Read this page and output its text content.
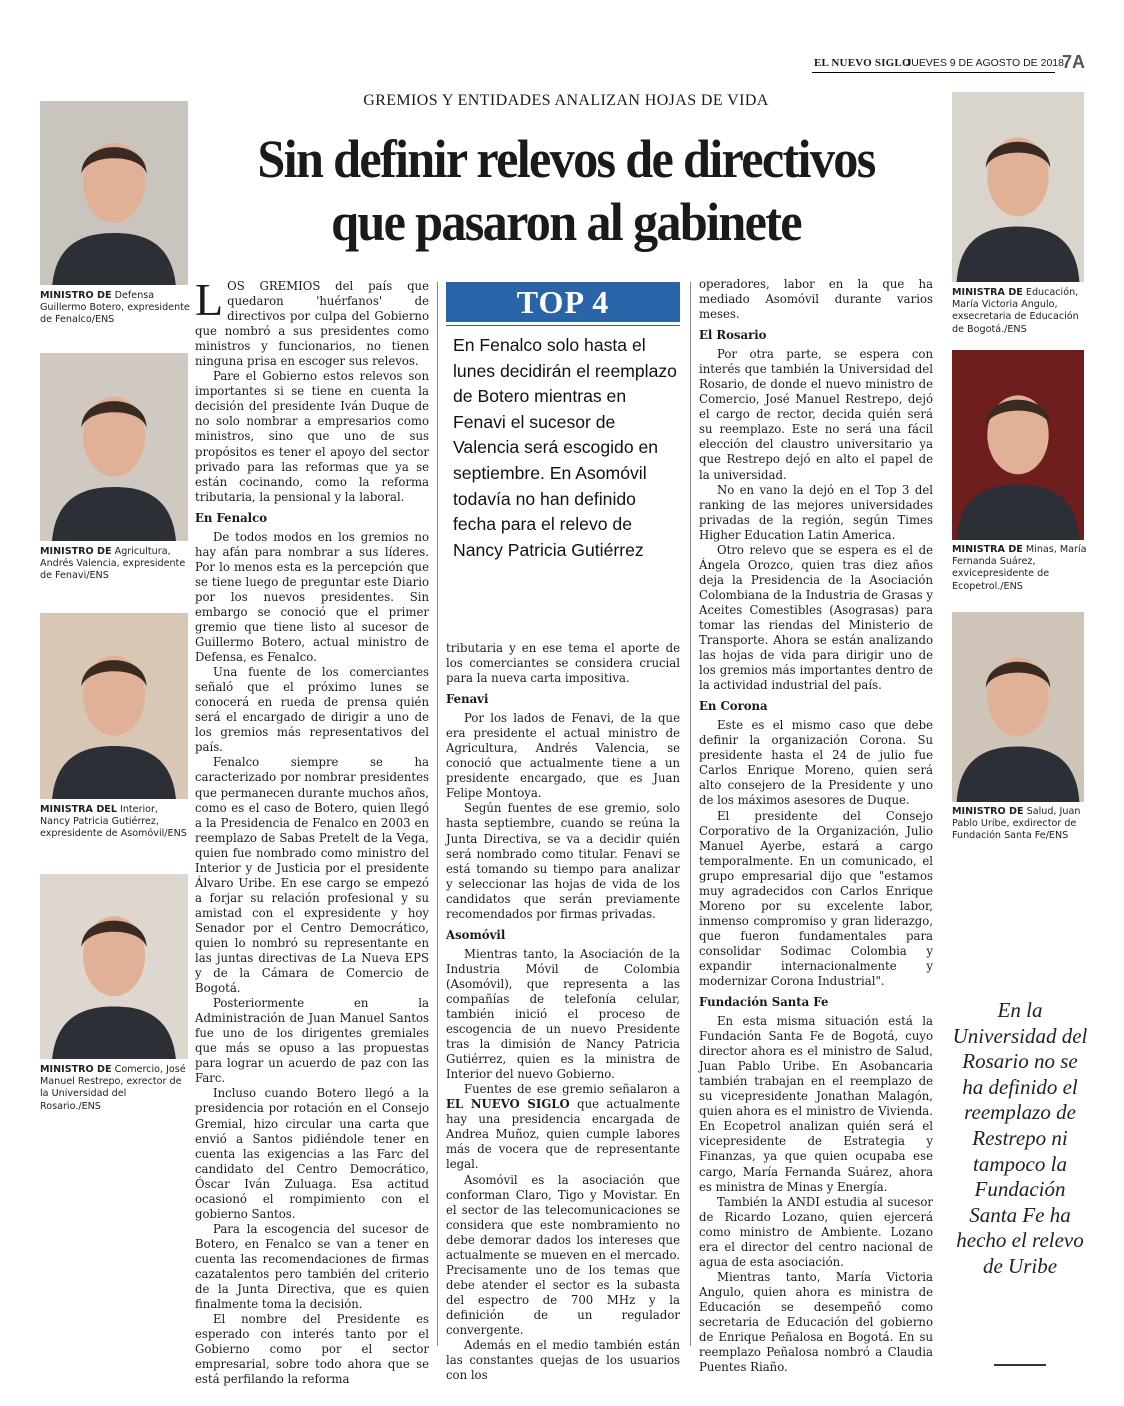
EL NUEVO SIGLO
JUEVES 9 DE AGOSTO DE 2018
7A
GREMIOS Y ENTIDADES ANALIZAN HOJAS DE VIDA
Sin definir relevos de directivos
que pasaron al gabinete
MINISTRO DE Defensa Guillermo Botero, expresidente de Fenalco/ENS
MINISTRO DE Agricultura, Andrés Valencia, expresidente de Fenavi/ENS
MINISTRA DEL Interior, Nancy Patricia Gutiérrez, expresidente de Asomóvil/ENS
MINISTRO DE Comercio, José Manuel Restrepo, exrector de la Universidad del Rosario./ENS
MINISTRA DE Educación, María Victoria Angulo, exsecretaria de Educación de Bogotá./ENS
MINISTRA DE Minas, María Fernanda Suárez, exvicepresidente de Ecopetrol./ENS
MINISTRO DE Salud, Juan Pablo Uribe, exdirector de Fundación Santa Fe/ENS

LOS GREMIOS del país que quedaron 'huérfanos' de directivos por culpa del Gobierno que nombró a sus presidentes como ministros y funcionarios, no tienen ninguna prisa en escoger sus relevos.

Pare el Gobierno estos relevos son importantes si se tiene en cuenta la decisión del presidente Iván Duque de no solo nombrar a empresarios como ministros, sino que uno de sus propósitos es tener el apoyo del sector privado para las reformas que ya se están cocinando, como la reforma tributaria, la pensional y la laboral.

En Fenalco

De todos modos en los gremios no hay afán para nombrar a sus líderes. Por lo menos esta es la percepción que se tiene luego de preguntar este Diario por los nuevos presidentes. Sin embargo se conoció que el primer gremio que tiene listo al sucesor de Guillermo Botero, actual ministro de Defensa, es Fenalco.

Una fuente de los comerciantes señaló que el próximo lunes se conocerá en rueda de prensa quién será el encargado de dirigir a uno de los gremios más representativos del país.

Fenalco siempre se ha caracterizado por nombrar presidentes que permanecen durante muchos años, como es el caso de Botero, quien llegó a la Presidencia de Fenalco en 2003 en reemplazo de Sabas Pretelt de la Vega, quien fue nombrado como ministro del Interior y de Justicia por el presidente Álvaro Uribe. En ese cargo se empezó a forjar su relación profesional y su amistad con el expresidente y hoy Senador por el Centro Democrático, quien lo nombró su representante en las juntas directivas de La Nueva EPS y de la Cámara de Comercio de Bogotá.

Posteriormente en la Administración de Juan Manuel Santos fue uno de los dirigentes gremiales que más se opuso a las propuestas para lograr un acuerdo de paz con las Farc.

Incluso cuando Botero llegó a la presidencia por rotación en el Consejo Gremial, hizo circular una carta que envió a Santos pidiéndole tener en cuenta las exigencias a las Farc del candidato del Centro Democrático, Óscar Iván Zuluaga. Esa actitud ocasionó el rompimiento con el gobierno Santos.

Para la escogencia del sucesor de Botero, en Fenalco se van a tener en cuenta las recomendaciones de firmas cazatalentos pero también del criterio de la Junta Directiva, que es quien finalmente toma la decisión.

El nombre del Presidente es esperado con interés tanto por el Gobierno como por el sector empresarial, sobre todo ahora que se está perfilando la reforma

TOP 4
En Fenalco solo hasta el lunes decidirán el reemplazo de Botero mientras en Fenavi el sucesor de Valencia será escogido en septiembre. En Asomóvil todavía no han definido fecha para el relevo de Nancy Patricia Gutiérrez

tributaria y en ese tema el aporte de los comerciantes se considera crucial para la nueva carta impositiva.

Fenavi

Por los lados de Fenavi, de la que era presidente el actual ministro de Agricultura, Andrés Valencia, se conoció que actualmente tiene a un presidente encargado, que es Juan Felipe Montoya.

Según fuentes de ese gremio, solo hasta septiembre, cuando se reúna la Junta Directiva, se va a decidir quién será nombrado como titular. Fenavi se está tomando su tiempo para analizar y seleccionar las hojas de vida de los candidatos que serán previamente recomendados por firmas privadas.

Asomóvil

Mientras tanto, la Asociación de la Industria Móvil de Colombia (Asomóvil), que representa a las compañías de telefonía celular, también inició el proceso de escogencia de un nuevo Presidente tras la dimisión de Nancy Patricia Gutiérrez, quien es la ministra de Interior del nuevo Gobierno.

Fuentes de ese gremio señalaron a EL NUEVO SIGLO que actualmente hay una presidencia encargada de Andrea Muñoz, quien cumple labores más de vocera que de representante legal.

Asomóvil es la asociación que conforman Claro, Tigo y Movistar. En el sector de las telecomunicaciones se considera que este nombramiento no debe demorar dados los intereses que actualmente se mueven en el mercado. Precisamente uno de los temas que debe atender el sector es la subasta del espectro de 700 MHz y la definición de un regulador convergente.

Además en el medio también están las constantes quejas de los usuarios con los

operadores, labor en la que ha mediado Asomóvil durante varios meses.

El Rosario

Por otra parte, se espera con interés que también la Universidad del Rosario, de donde el nuevo ministro de Comercio, José Manuel Restrepo, dejó el cargo de rector, decida quién será su reemplazo. Este no será una fácil elección del claustro universitario ya que Restrepo dejó en alto el papel de la universidad.

No en vano la dejó en el Top 3 del ranking de las mejores universidades privadas de la región, según Times Higher Education Latin America.

Otro relevo que se espera es el de Ángela Orozco, quien tras diez años deja la Presidencia de la Asociación Colombiana de la Industria de Grasas y Aceites Comestibles (Asograsas) para tomar las riendas del Ministerio de Transporte. Ahora se están analizando las hojas de vida para dirigir uno de los gremios más importantes dentro de la actividad industrial del país.

En Corona

Este es el mismo caso que debe definir la organización Corona. Su presidente hasta el 24 de julio fue Carlos Enrique Moreno, quien será alto consejero de la Presidente y uno de los máximos asesores de Duque.

El presidente del Consejo Corporativo de la Organización, Julio Manuel Ayerbe, estará a cargo temporalmente. En un comunicado, el grupo empresarial dijo que "estamos muy agradecidos con Carlos Enrique Moreno por su excelente labor, inmenso compromiso y gran liderazgo, que fueron fundamentales para consolidar Sodimac Colombia y expandir internacionalmente y modernizar Corona Industrial".

Fundación Santa Fe

En esta misma situación está la Fundación Santa Fe de Bogotá, cuyo director ahora es el ministro de Salud, Juan Pablo Uribe. En Asobancaria también trabajan en el reemplazo de su vicepresidente Jonathan Malagón, quien ahora es el ministro de Vivienda. En Ecopetrol analizan quién será el vicepresidente de Estrategia y Finanzas, ya que quien ocupaba ese cargo, María Fernanda Suárez, ahora es ministra de Minas y Energía.

También la ANDI estudia al sucesor de Ricardo Lozano, quien ejercerá como ministro de Ambiente. Lozano era el director del centro nacional de agua de esta asociación.

Mientras tanto, María Victoria Angulo, quien ahora es ministra de Educación se desempeñó como secretaria de Educación del gobierno de Enrique Peñalosa en Bogotá. En su reemplazo Peñalosa nombró a Claudia Puentes Riaño.

En la Universidad del Rosario no se ha definido el reemplazo de Restrepo ni tampoco la Fundación Santa Fe ha hecho el relevo de Uribe
